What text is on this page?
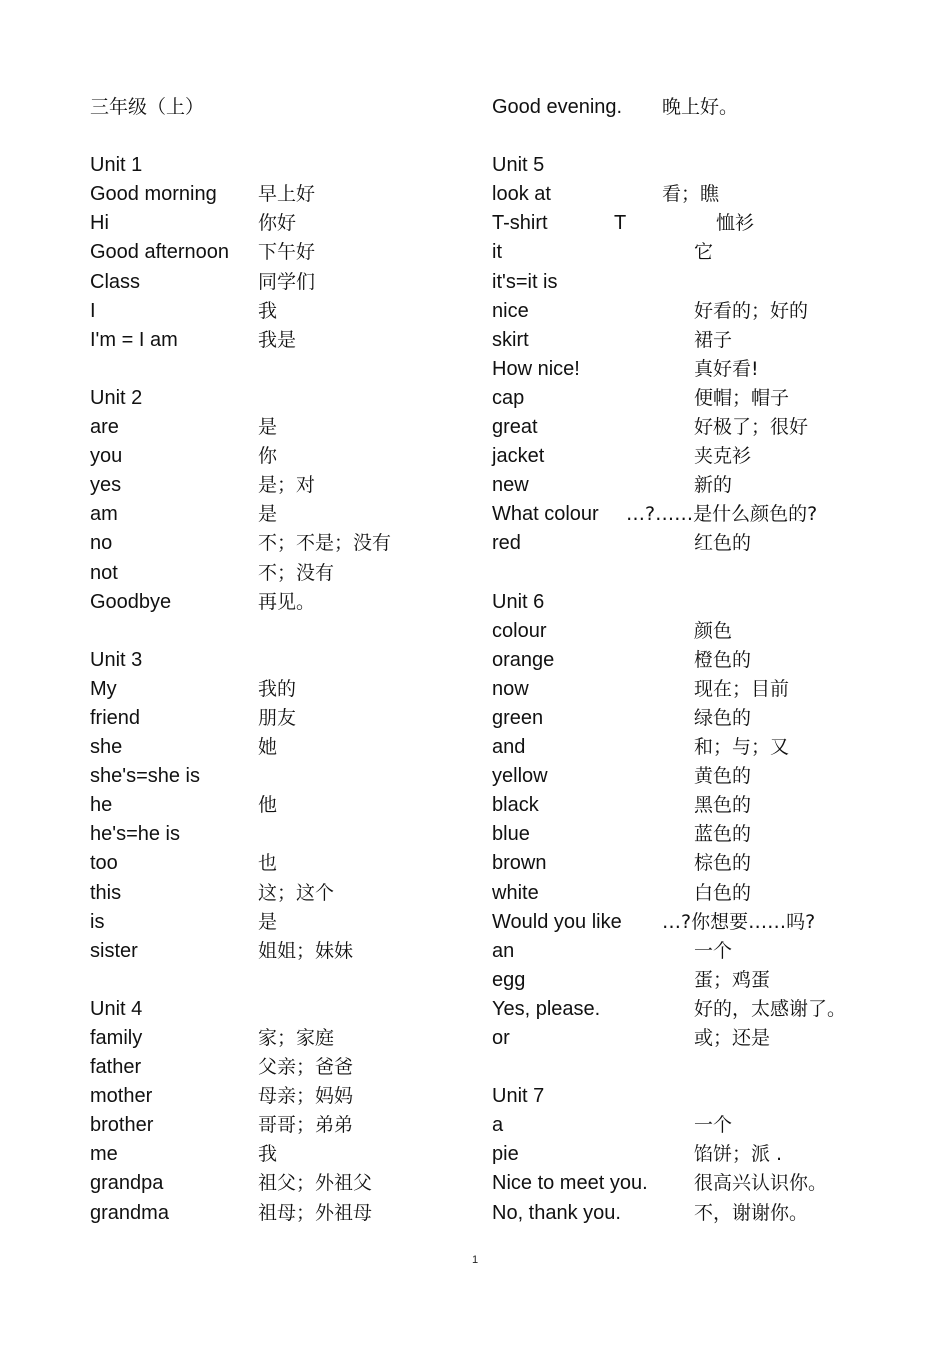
三年级（上）
Unit 1
Good morning 早上好
Hi	你好
Good afternoon 下午好
Class	同学们
I	我
I'm = I am	我是
Unit 2
are	是
you	你
yes	是；对
am	是
no	不；不是；没有
not	不；没有
Goodbye	再见。
Unit 3
My	我的
friend	朋友
she	她
she's=she is
he	他
he's=he is
too	也
this	这；这个
is	是
sister	姐姐；妹妹
Unit 4
family	家；家庭
father	父亲；爸爸
mother	母亲；妈妈
brother	哥哥；弟弟
me	我
grandpa	祖父；外祖父
grandma	祖母；外祖母
Good evening. 晚上好。
Unit 5
look at	看；瞧
T-shirt	T	恤衫
it	它
it's=it is
nice	好看的；好的
skirt	裙子
How nice!	真好看!
cap	便帽；帽子
great	好极了；很好
jacket	夹克衫
new	新的
What colour …?……是什么颜色的?
red	红色的
Unit 6
colour	颜色
orange	橙色的
now	现在；目前
green	绿色的
and	和；与；又
yellow	黄色的
black	黑色的
blue	蓝色的
brown	棕色的
white	白色的
Would you like …?你想要……吗?
an	一个
egg	蛋；鸡蛋
Yes, please.	好的，太感谢了。
or	或；还是
Unit 7
a	一个
pie	馅饼；派 .
Nice to meet you. 很高兴认识你。
No, thank you.	不，谢谢你。
1
